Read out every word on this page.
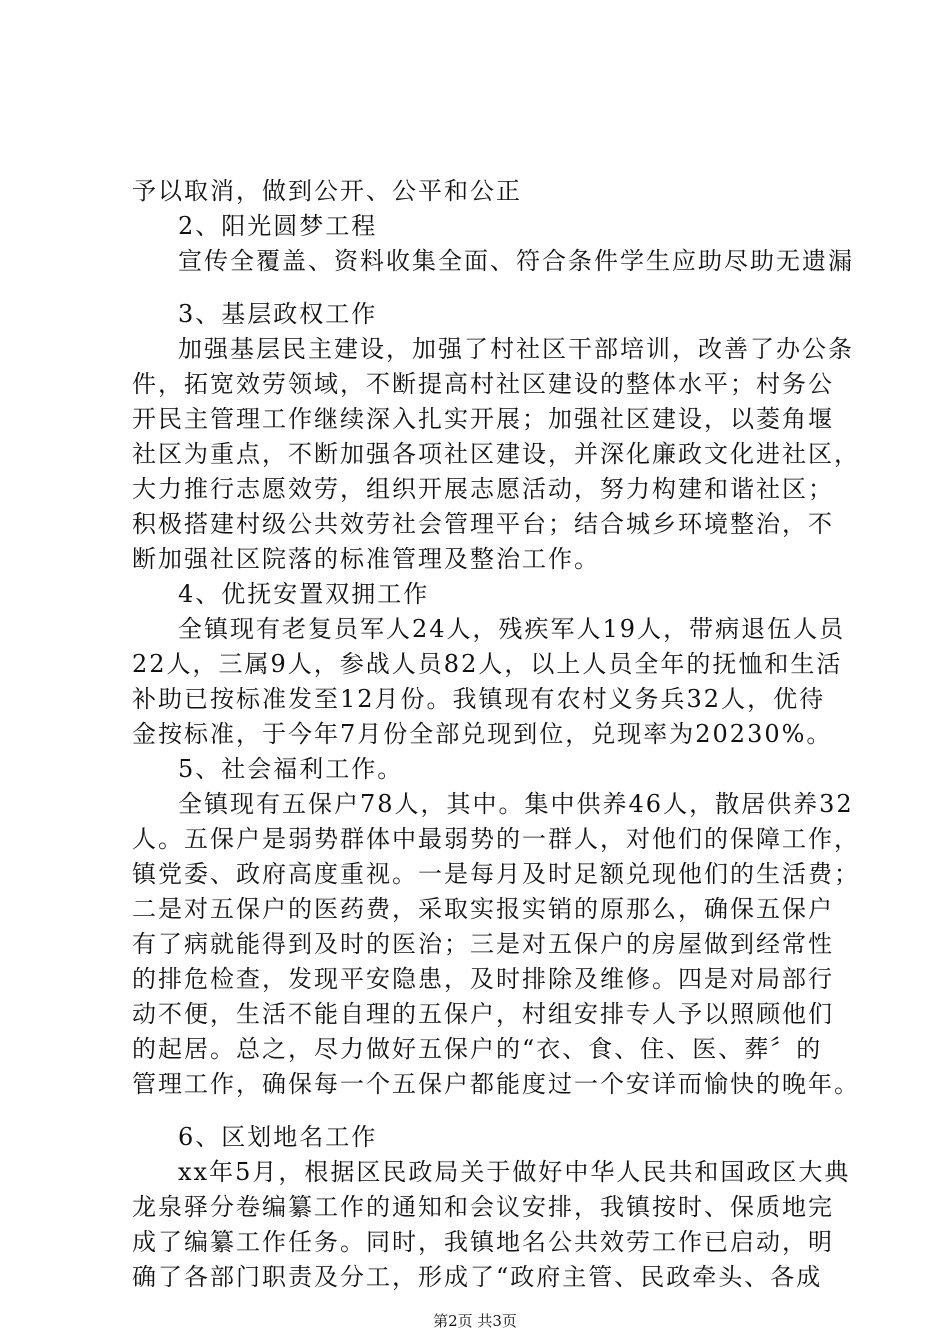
予以取消，做到公开、公平和公正
2、阳光圆梦工程
宣传全覆盖、资料收集全面、符合条件学生应助尽助无遗漏
3、基层政权工作
加强基层民主建设，加强了村社区干部培训，改善了办公条
件，拓宽效劳领域，不断提高村社区建设的整体水平；村务公
开民主管理工作继续深入扎实开展；加强社区建设，以菱角堰
社区为重点，不断加强各项社区建设，并深化廉政文化进社区，
大力推行志愿效劳，组织开展志愿活动，努力构建和谐社区；
积极搭建村级公共效劳社会管理平台；结合城乡环境整治，不
断加强社区院落的标准管理及整治工作。
4、优抚安置双拥工作
全镇现有老复员军人24人，残疾军人19人，带病退伍人员
22人，三属9人，参战人员82人，以上人员全年的抚恤和生活
补助已按标准发至12月份。我镇现有农村义务兵32人，优待
金按标准，于今年7月份全部兑现到位，兑现率为20230%。
5、社会福利工作。
全镇现有五保户78人，其中。集中供养46人，散居供养32
人。五保户是弱势群体中最弱势的一群人，对他们的保障工作，
镇党委、政府高度重视。一是每月及时足额兑现他们的生活费；
二是对五保户的医药费，采取实报实销的原那么，确保五保户
有了病就能得到及时的医治；三是对五保户的房屋做到经常性
的排危检查，发现平安隐患，及时排除及维修。四是对局部行
动不便，生活不能自理的五保户，村组安排专人予以照顾他们
的起居。总之，尽力做好五保户的“衣、食、住、医、葬〞的
管理工作，确保每一个五保户都能度过一个安详而愉快的晚年。
6、区划地名工作
xx年5月，根据区民政局关于做好中华人民共和国政区大典
龙泉驿分卷编纂工作的通知和会议安排，我镇按时、保质地完
成了编纂工作任务。同时，我镇地名公共效劳工作已启动，明
确了各部门职责及分工，形成了“政府主管、民政牵头、各成
第2页 共3页
